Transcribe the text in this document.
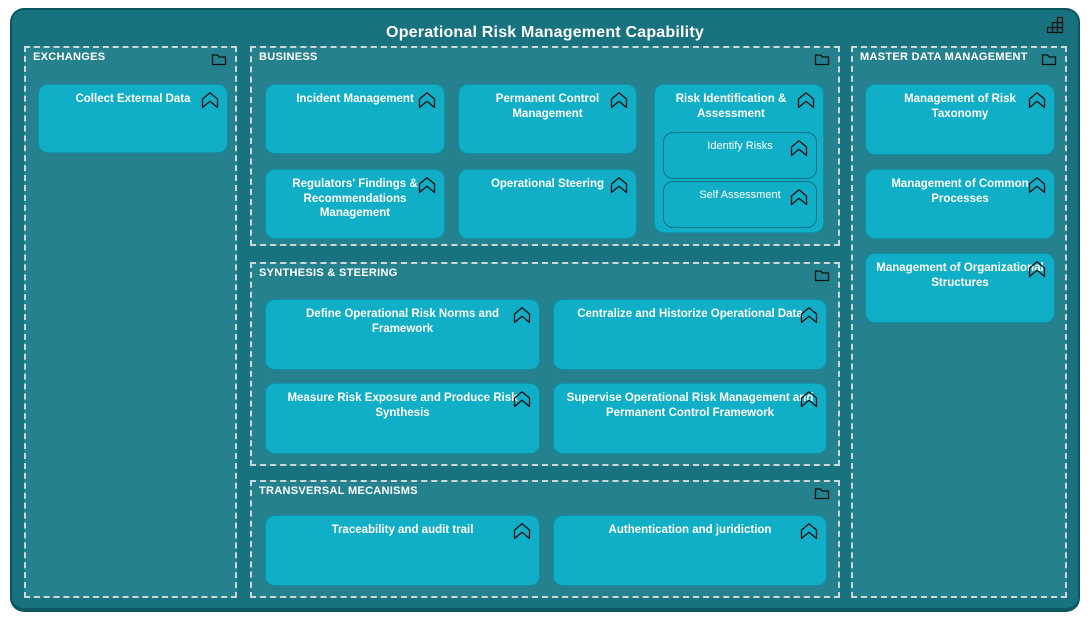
Operational Risk Management Capability
EXCHANGES
Collect External Data
BUSINESS
Incident Management	Permanent Control Management
Risk Identification & Assessment
Identify Risks
Self Assessment
Regulators' Findings & Recommendations Management
Operational Steering
SYNTHESIS & STEERING
Define Operational Risk Norms and Framework
Centralize and Historize Operational Data
Measure Risk Exposure and Produce Risk Synthesis
Supervise Operational Risk Management and Permanent Control Framework
TRANSVERSAL MECANISMS
Traceability and audit trail	Authentication and juridiction
MASTER DATA MANAGEMENT
Management of Risk Taxonomy
Management of Common Processes
Management of Organizational Structures
